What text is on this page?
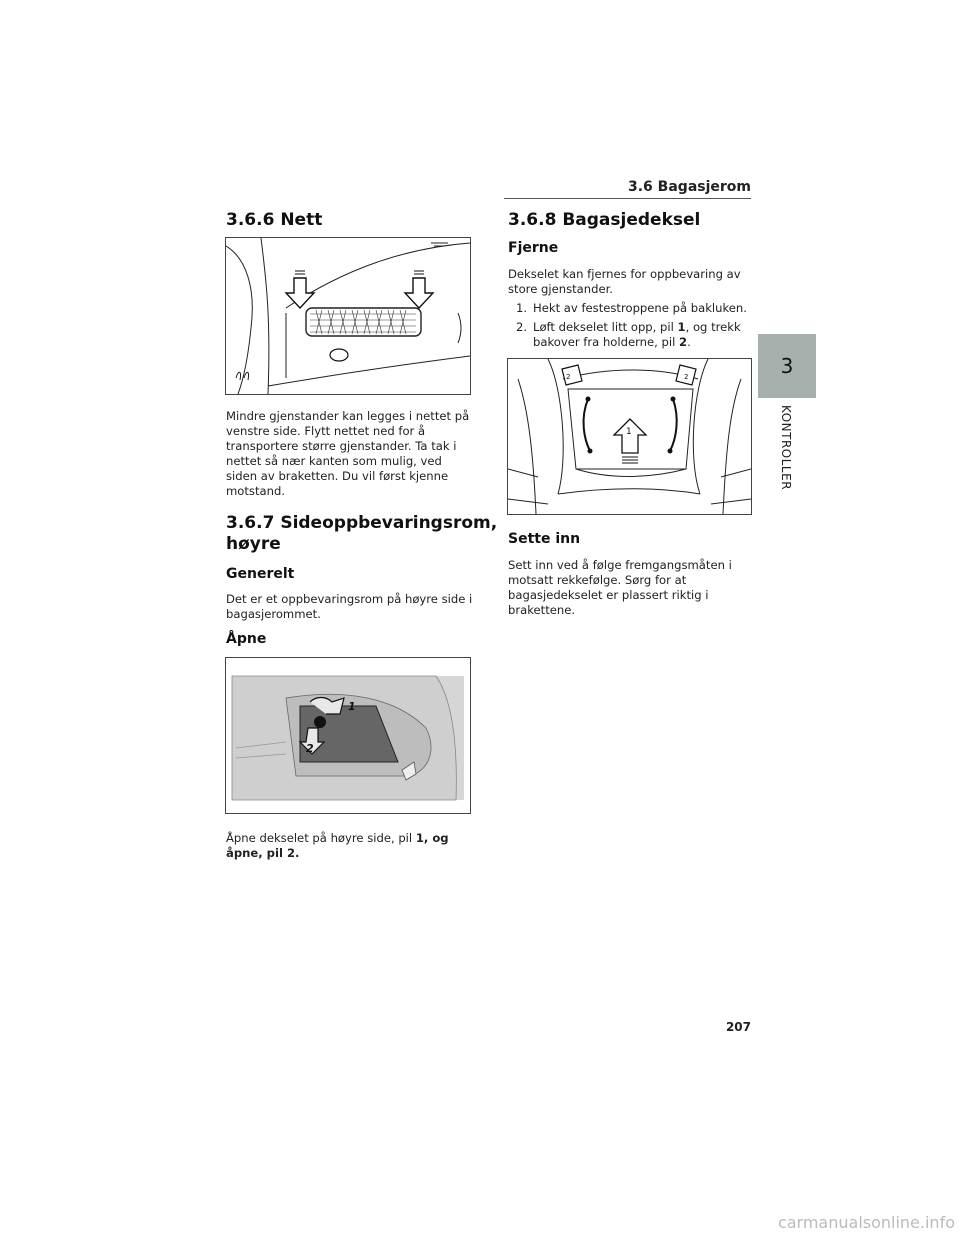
3.6 Bagasjerom
3
KONTROLLER
3.6.6 Nett

Mindre gjenstander kan legges i nettet på venstre side. Flytt nettet ned for å transportere større gjenstander. Ta tak i nettet så nær kanten som mulig, ved siden av braketten. Du vil først kjenne motstand.

3.6.7 Sideoppbevaringsrom,
høyre
Generelt

Det er et oppbevaringsrom på høyre side i bagasjerommet.

Åpne
1
2

Åpne dekselet på høyre side, pil 1, og
åpne, pil 2.

3.6.8 Bagasjedeksel
Fjerne

Dekselet kan fjernes for oppbevaring av store gjenstander.

1. Hekt av festestroppene på bakluken.
2. Løft dekselet litt opp, pil 1, og trekk bakover fra holderne, pil 2.
1
2	2
Sette inn

Sett inn ved å følge fremgangsmåten i motsatt rekkefølge. Sørg for at bagasjedekselet er plassert riktig i brakettene.

207
carmanualsonline.info
